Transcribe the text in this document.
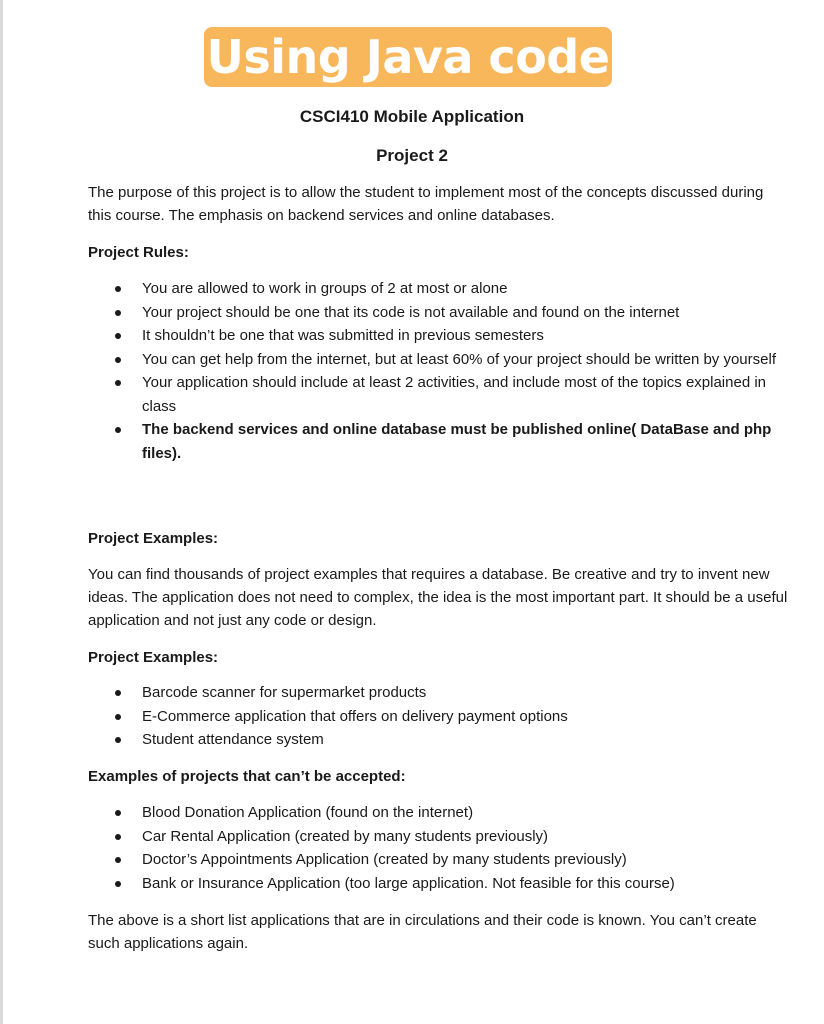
Using Java code
CSCI410 Mobile Application
Project 2
The purpose of this project is to allow the student to implement most of the concepts discussed during this course. The emphasis on backend services and online databases.
Project Rules:
You are allowed to work in groups of 2 at most or alone
Your project should be one that its code is not available and found on the internet
It shouldn’t be one that was submitted in previous semesters
You can get help from the internet, but at least 60% of your project should be written by yourself
Your application should include at least 2 activities, and include most of the topics explained in class
The backend services and online database must be published online( DataBase and php files).
Project Examples:
You can find thousands of project examples that requires a database. Be creative and try to invent new ideas. The application does not need to complex, the idea is the most important part. It should be a useful application and not just any code or design.
Project Examples:
Barcode scanner for supermarket products
E-Commerce application that offers on delivery payment options
Student attendance system
Examples of projects that can’t be accepted:
Blood Donation Application (found on the internet)
Car Rental Application (created by many students previously)
Doctor’s Appointments Application (created by many students previously)
Bank or Insurance Application (too large application. Not feasible for this course)
The above is a short list applications that are in circulations and their code is known. You can’t create such applications again.
